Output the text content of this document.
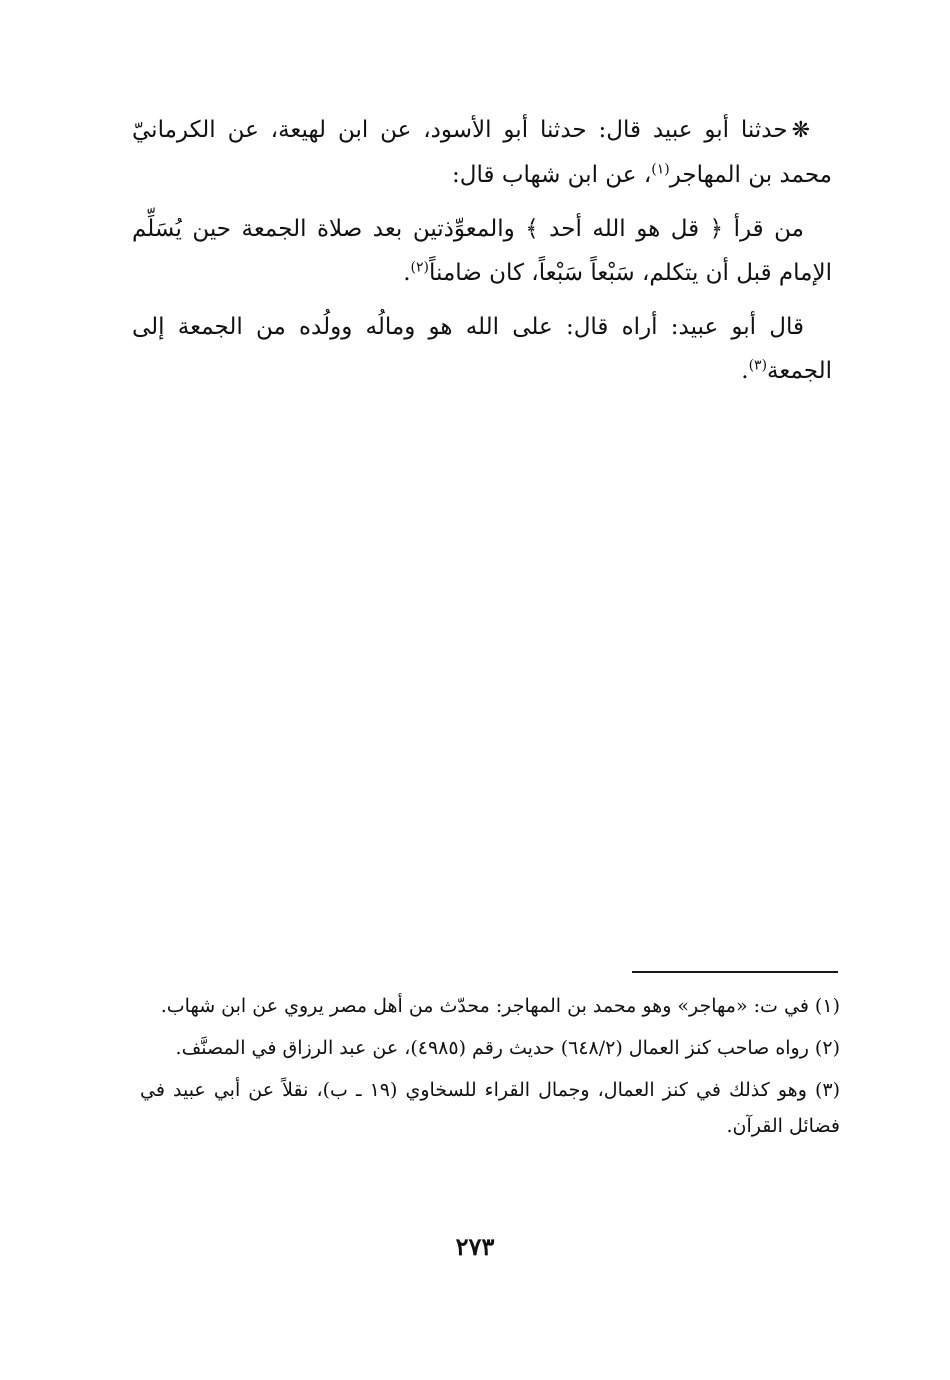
❋حدثنا أبو عبيد قال: حدثنا أبو الأسود، عن ابن لهيعة، عن الكرمانيّ محمد بن المهاجر$^{(١)}$، عن ابن شهاب قال:

من قرأ ﴿ قل هو الله أحد ﴾ والمعوِّذتين بعد صلاة الجمعة حين يُسَلِّم الإمام قبل أن يتكلم، سَبْعاً سَبْعاً، كان ضامناً$^{(٢)}$.

قال أبو عبيد: أراه قال: على الله هو ومالُه وولُده من الجمعة إلى الجمعة$^{(٣)}$.

(١) في ت: «مهاجر» وهو محمد بن المهاجر: محدّث من أهل مصر يروي عن ابن شهاب.

(٢) رواه صاحب كنز العمال (٦٤٨/٢) حديث رقم (٤٩٨٥)، عن عبد الرزاق في المصنَّف.

(٣) وهو كذلك في كنز العمال، وجمال القراء للسخاوي (١٩ ـ ب)، نقلاً عن أبي عبيد في فضائل القرآن.

٢٧٣
